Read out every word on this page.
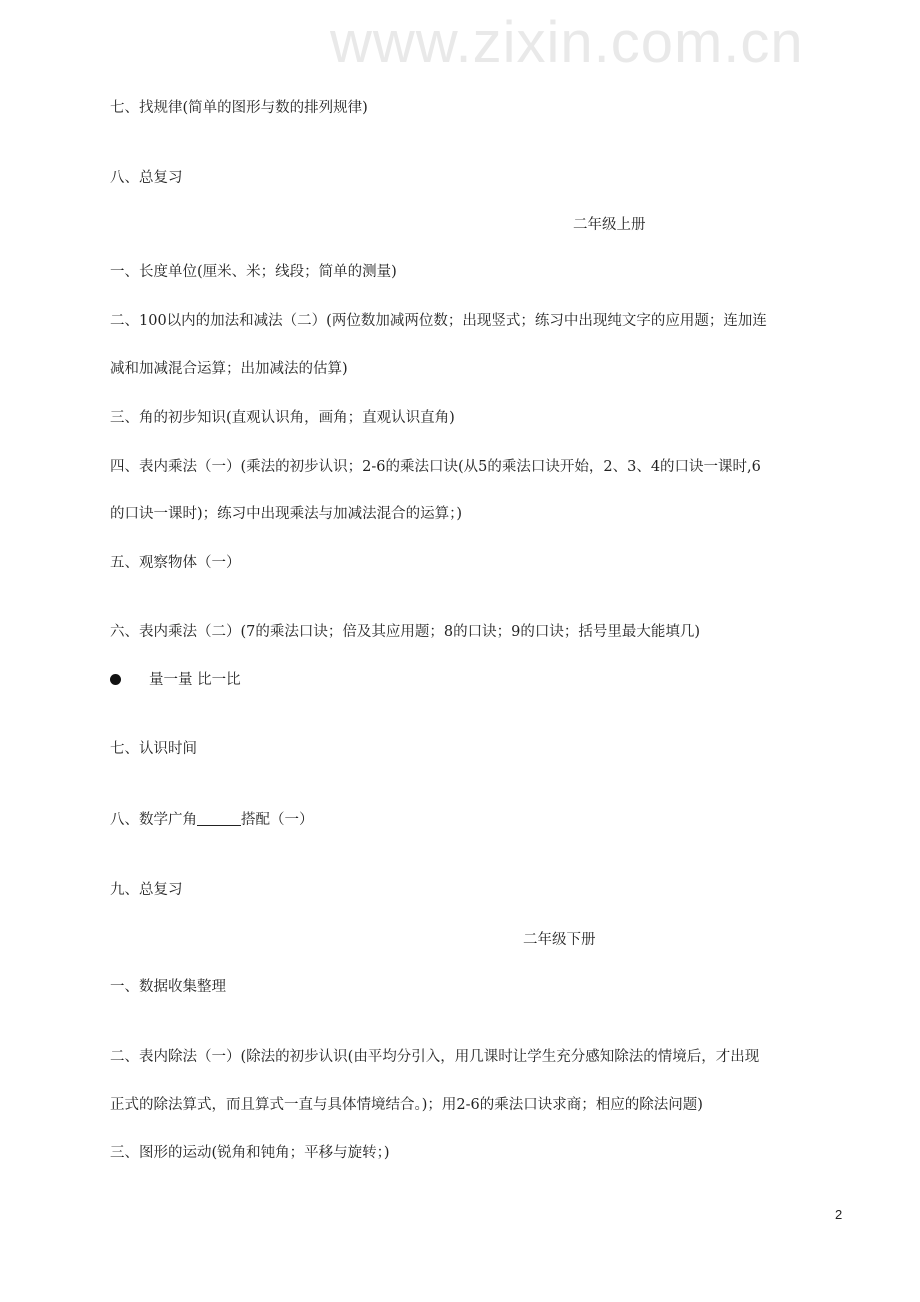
www.zixin.com.cn
七、找规律(简单的图形与数的排列规律)
八、总复习
二年级上册
一、长度单位(厘米、米；线段；简单的测量)
二、100以内的加法和减法（二）(两位数加减两位数；出现竖式；练习中出现纯文字的应用题；连加连
减和加减混合运算；出加减法的估算)
三、角的初步知识(直观认识角，画角；直观认识直角)
四、表内乘法（一）(乘法的初步认识；2-6的乘法口诀(从5的乘法口诀开始，2、3、4的口诀一课时,6
的口诀一课时)；练习中出现乘法与加减法混合的运算；)
五、观察物体（一）
六、表内乘法（二）(7的乘法口诀；倍及其应用题；8的口诀；9的口诀；括号里最大能填几)
量一量 比一比
七、认识时间
八、数学广角	搭配（一）
九、总复习
二年级下册
一、数据收集整理
二、表内除法（一）(除法的初步认识(由平均分引入，用几课时让学生充分感知除法的情境后，才出现
正式的除法算式，而且算式一直与具体情境结合。)；用2-6的乘法口诀求商；相应的除法问题)
三、图形的运动(锐角和钝角；平移与旋转；)
2
